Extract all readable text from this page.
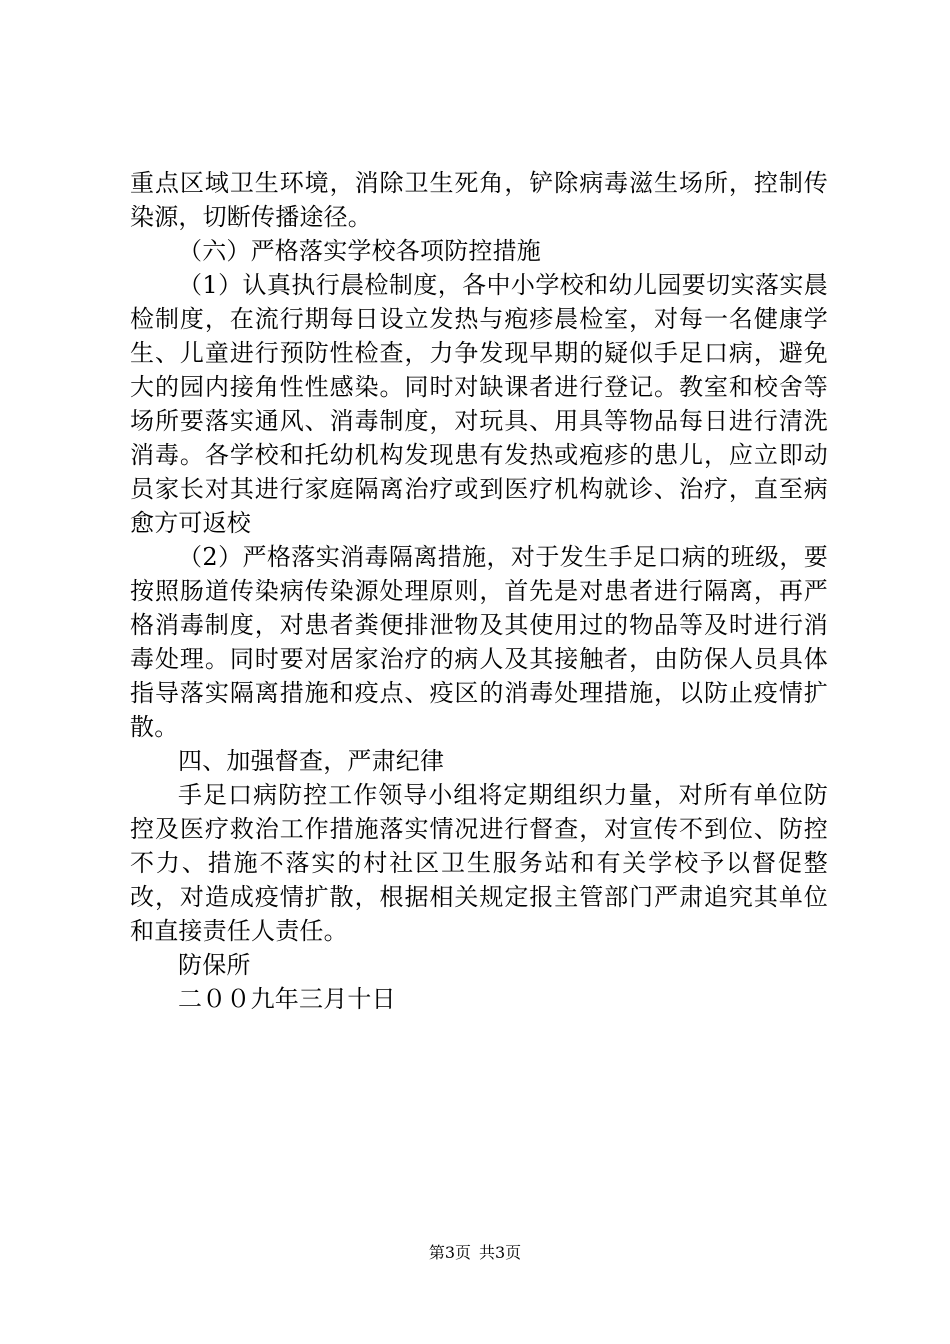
重点区域卫生环境，消除卫生死角，铲除病毒滋生场所，控制传染源，切断传播途径。

（六）严格落实学校各项防控措施

（1）认真执行晨检制度，各中小学校和幼儿园要切实落实晨检制度，在流行期每日设立发热与疱疹晨检室，对每一名健康学生、儿童进行预防性检查，力争发现早期的疑似手足口病，避免大的园内接角性性感染。同时对缺课者进行登记。教室和校舍等场所要落实通风、消毒制度，对玩具、用具等物品每日进行清洗消毒。各学校和托幼机构发现患有发热或疱疹的患儿，应立即动员家长对其进行家庭隔离治疗或到医疗机构就诊、治疗，直至病愈方可返校

（2）严格落实消毒隔离措施，对于发生手足口病的班级，要按照肠道传染病传染源处理原则，首先是对患者进行隔离，再严格消毒制度，对患者粪便排泄物及其使用过的物品等及时进行消毒处理。同时要对居家治疗的病人及其接触者，由防保人员具体指导落实隔离措施和疫点、疫区的消毒处理措施，以防止疫情扩散。

四、加强督查，严肃纪律

手足口病防控工作领导小组将定期组织力量，对所有单位防控及医疗救治工作措施落实情况进行督查，对宣传不到位、防控不力、措施不落实的村社区卫生服务站和有关学校予以督促整改，对造成疫情扩散，根据相关规定报主管部门严肃追究其单位和直接责任人责任。

防保所

二００九年三月十日

第3页 共3页
